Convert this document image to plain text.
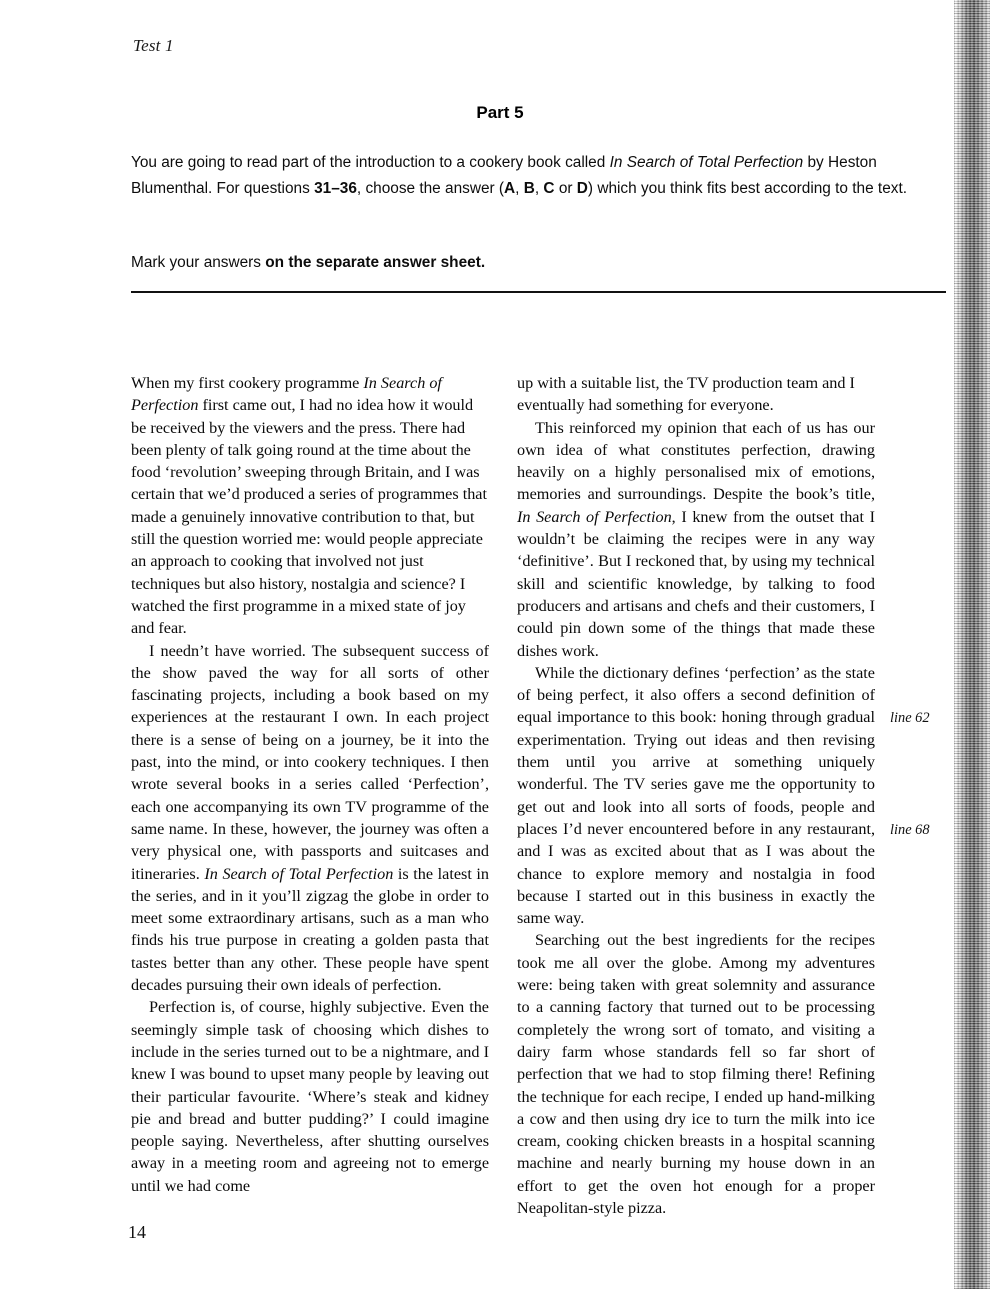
Test 1
Part 5
You are going to read part of the introduction to a cookery book called In Search of Total Perfection by Heston Blumenthal. For questions 31–36, choose the answer (A, B, C or D) which you think fits best according to the text.
Mark your answers on the separate answer sheet.

When my first cookery programme In Search of Perfection first came out, I had no idea how it would be received by the viewers and the press. There had been plenty of talk going round at the time about the food ‘revolution’ sweeping through Britain, and I was certain that we’d produced a series of programmes that made a genuinely innovative contribution to that, but still the question worried me: would people appreciate an approach to cooking that involved not just techniques but also history, nostalgia and science? I watched the first programme in a mixed state of joy and fear.

I needn’t have worried. The subsequent success of the show paved the way for all sorts of other fascinating projects, including a book based on my experiences at the restaurant I own. In each project there is a sense of being on a journey, be it into the past, into the mind, or into cookery techniques. I then wrote several books in a series called ‘Perfection’, each one accompanying its own TV programme of the same name. In these, however, the journey was often a very physical one, with passports and suitcases and itineraries. In Search of Total Perfection is the latest in the series, and in it you’ll zigzag the globe in order to meet some extraordinary artisans, such as a man who finds his true purpose in creating a golden pasta that tastes better than any other. These people have spent decades pursuing their own ideals of perfection.

Perfection is, of course, highly subjective. Even the seemingly simple task of choosing which dishes to include in the series turned out to be a nightmare, and I knew I was bound to upset many people by leaving out their particular favourite. ‘Where’s steak and kidney pie and bread and butter pudding?’ I could imagine people saying. Nevertheless, after shutting ourselves away in a meeting room and agreeing not to emerge until we had come

up with a suitable list, the TV production team and I eventually had something for everyone.

This reinforced my opinion that each of us has our own idea of what constitutes perfection, drawing heavily on a highly personalised mix of emotions, memories and surroundings. Despite the book’s title, In Search of Perfection, I knew from the outset that I wouldn’t be claiming the recipes were in any way ‘definitive’. But I reckoned that, by using my technical skill and scientific knowledge, by talking to food producers and artisans and chefs and their customers, I could pin down some of the things that made these dishes work.

While the dictionary defines ‘perfection’ as the state of being perfect, it also offers a second definition of equal importance to this book: honing through gradual experimentation. Trying out ideas and then revising them until you arrive at something uniquely wonderful. The TV series gave me the opportunity to get out and look into all sorts of foods, people and places I’d never encountered before in any restaurant, and I was as excited about that as I was about the chance to explore memory and nostalgia in food because I started out in this business in exactly the same way.

Searching out the best ingredients for the recipes took me all over the globe. Among my adventures were: being taken with great solemnity and assurance to a canning factory that turned out to be processing completely the wrong sort of tomato, and visiting a dairy farm whose standards fell so far short of perfection that we had to stop filming there! Refining the technique for each recipe, I ended up hand-milking a cow and then using dry ice to turn the milk into ice cream, cooking chicken breasts in a hospital scanning machine and nearly burning my house down in an effort to get the oven hot enough for a proper Neapolitan-style pizza.

line 62
line 68
14
